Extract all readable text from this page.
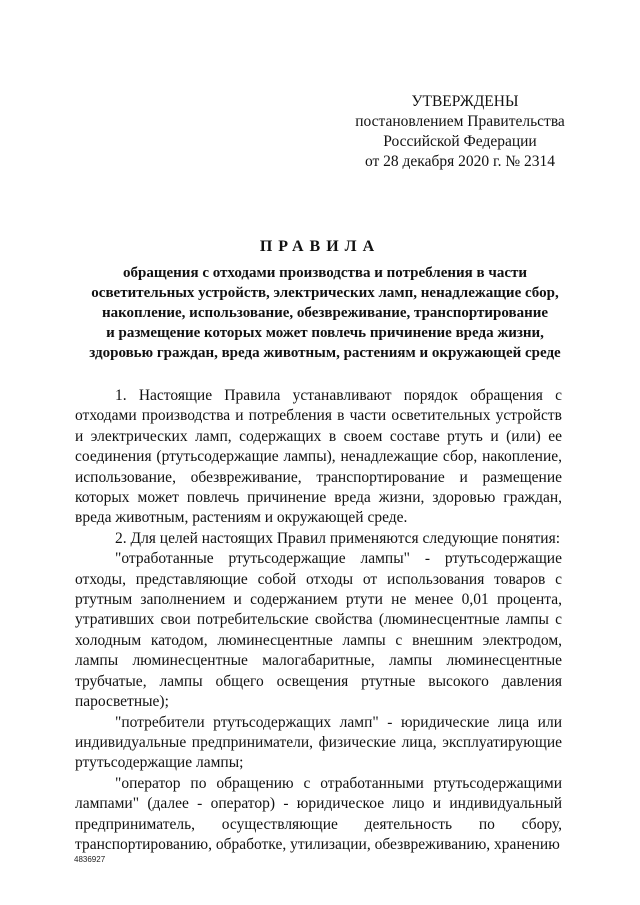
УТВЕРЖДЕНЫ
постановлением Правительства
Российской Федерации
от 28 декабря 2020 г. № 2314
ПРАВИЛА
обращения с отходами производства и потребления в части
осветительных устройств, электрических ламп, ненадлежащие сбор,
накопление, использование, обезвреживание, транспортирование
и размещение которых может повлечь причинение вреда жизни,
здоровью граждан, вреда животным, растениям и окружающей среде

1. Настоящие Правила устанавливают порядок обращения с отходами производства и потребления в части осветительных устройств и электрических ламп, содержащих в своем составе ртуть и (или) ее соединения (ртутьсодержащие лампы), ненадлежащие сбор, накопление, использование, обезвреживание, транспортирование и размещение которых может повлечь причинение вреда жизни, здоровью граждан, вреда животным, растениям и окружающей среде.

2. Для целей настоящих Правил применяются следующие понятия:

"отработанные ртутьсодержащие лампы" - ртутьсодержащие отходы, представляющие собой отходы от использования товаров с ртутным заполнением и содержанием ртути не менее 0,01 процента, утративших свои потребительские свойства (люминесцентные лампы с холодным катодом, люминесцентные лампы с внешним электродом, лампы люминесцентные малогабаритные, лампы люминесцентные трубчатые, лампы общего освещения ртутные высокого давления паросветные);

"потребители ртутьсодержащих ламп" - юридические лица или индивидуальные предприниматели, физические лица, эксплуатирующие ртутьсодержащие лампы;

"оператор по обращению с отработанными ртутьсодержащими лампами" (далее - оператор) - юридическое лицо и индивидуальный предприниматель, осуществляющие деятельность по сбору, транспортированию, обработке, утилизации, обезвреживанию, хранению

4836927
